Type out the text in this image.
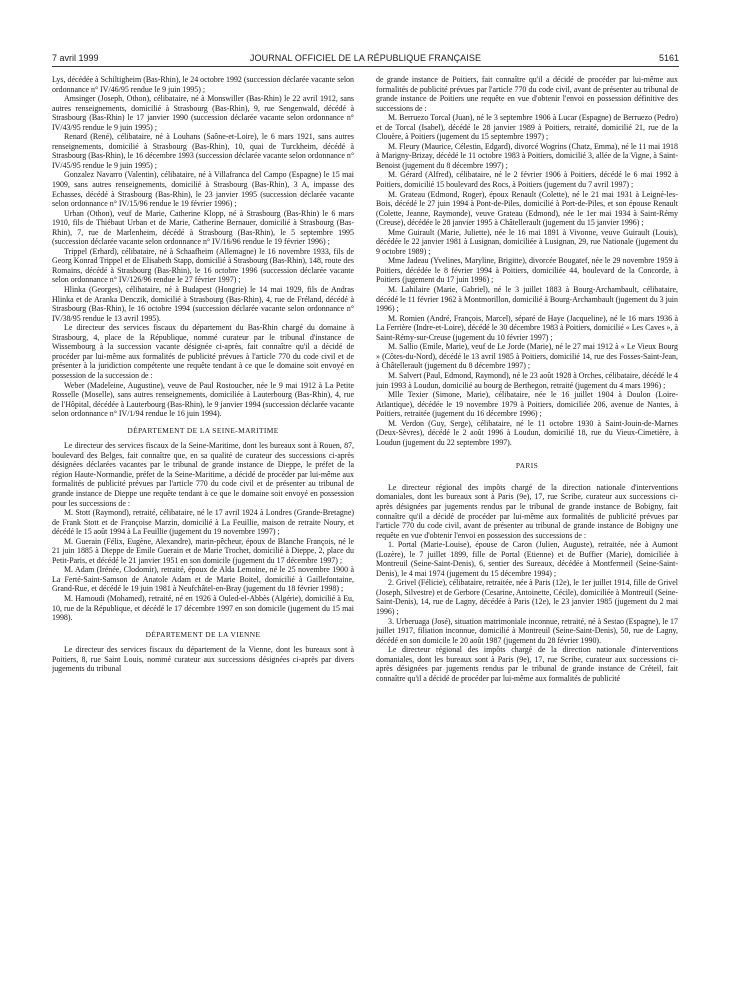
7 avril 1999	JOURNAL OFFICIEL DE LA RÉPUBLIQUE FRANÇAISE	5161

Lys, décédée à Schiltigheim (Bas-Rhin), le 24 octobre 1992 (succession déclarée vacante selon ordonnance n° IV/46/95 rendue le 9 juin 1995) ;

Amsinger (Joseph, Othon), célibataire, né à Monswiller (Bas-Rhin) le 22 avril 1912, sans autres renseignements, domicilié à Strasbourg (Bas-Rhin), 9, rue Sengenwald, décédé à Strasbourg (Bas-Rhin) le 17 janvier 1990 (succession déclarée vacante selon ordonnance n° IV/43/95 rendue le 9 juin 1995) ;

Renard (René), célibataire, né à Louhans (Saône-et-Loire), le 6 mars 1921, sans autres renseignements, domicilié à Strasbourg (Bas-Rhin), 10, quai de Turckheim, décédé à Strasbourg (Bas-Rhin), le 16 décembre 1993 (succession déclarée vacante selon ordonnance n° IV/45/95 rendue le 9 juin 1995) ;

Gonzalez Navarro (Valentin), célibataire, né à Villafranca del Campo (Espagne) le 15 mai 1909, sans autres renseignements, domicilié à Strasbourg (Bas-Rhin), 3 A, impasse des Echasses, décédé à Strasbourg (Bas-Rhin), le 23 janvier 1995 (succession déclarée vacante selon ordonnance n° IV/15/96 rendue le 19 février 1996) ;

Urban (Othon), veuf de Marie, Catherine Klopp, né à Strasbourg (Bas-Rhin) le 6 mars 1910, fils de Thiébaut Urban et de Marie, Catherine Bernauer, domicilié à Strasbourg (Bas-Rhin), 7, rue de Marlenheim, décédé à Strasbourg (Bas-Rhin), le 5 septembre 1995 (succession déclarée vacante selon ordonnance n° IV/16/96 rendue le 19 février 1996) ;

Trippel (Erhard), célibataire, né à Schaafheim (Allemagne) le 16 novembre 1933, fils de Georg Konrad Trippel et de Elisabeth Stapp, domicilié à Strasbourg (Bas-Rhin), 148, route des Romains, décédé à Strasbourg (Bas-Rhin), le 16 octobre 1996 (succession déclarée vacante selon ordonnance n° IV/126/96 rendue le 27 février 1997) ;

Hlinka (Georges), célibataire, né à Budapest (Hongrie) le 14 mai 1929, fils de Andras Hlinka et de Aranka Denczik, domicilié à Strasbourg (Bas-Rhin), 4, rue de Fréland, décédé à Strasbourg (Bas-Rhin), le 16 octobre 1994 (succession déclarée vacante selon ordonnance n° IV/38/95 rendue le 13 avril 1995).

Le directeur des services fiscaux du département du Bas-Rhin chargé du domaine à Strasbourg, 4, place de la République, nommé curateur par le tribunal d'instance de Wissembourg à la succession vacante désignée ci-après, fait connaître qu'il a décidé de procéder par lui-même aux formalités de publicité prévues à l'article 770 du code civil et de présenter à la juridiction compétente une requête tendant à ce que le domaine soit envoyé en possession de la succession de :

Weber (Madeleine, Augustine), veuve de Paul Rostoucher, née le 9 mai 1912 à La Petite Rosselle (Moselle), sans autres renseignements, domiciliée à Lauterbourg (Bas-Rhin), 4, rue de l'Hôpital, décédée à Lauterbourg (Bas-Rhin), le 9 janvier 1994 (succession déclarée vacante selon ordonnance n° IV/1/94 rendue le 16 juin 1994).

DÉPARTEMENT DE LA SEINE-MARITIME

Le directeur des services fiscaux de la Seine-Maritime, dont les bureaux sont à Rouen, 87, boulevard des Belges, fait connaître que, en sa qualité de curateur des successions ci-après désignées déclarées vacantes par le tribunal de grande instance de Dieppe, le préfet de la région Haute-Normandie, préfet de la Seine-Maritime, a décidé de procéder par lui-même aux formalités de publicité prévues par l'article 770 du code civil et de présenter au tribunal de grande instance de Dieppe une requête tendant à ce que le domaine soit envoyé en possession pour les successions de :

M. Stott (Raymond), retraité, célibataire, né le 17 avril 1924 à Londres (Grande-Bretagne) de Frank Stott et de Françoise Marzin, domicilié à La Feuillie, maison de retraite Noury, et décédé le 15 août 1994 à La Feuillie (jugement du 19 novembre 1997) ;

M. Guerain (Félix, Eugène, Alexandre), marin-pêcheur, époux de Blanche François, né le 21 juin 1885 à Dieppe de Emile Guerain et de Marie Trochet, domicilié à Dieppe, 2, place du Petit-Paris, et décédé le 21 janvier 1951 en son domicile (jugement du 17 décembre 1997) ;

M. Adam (Irénée, Clodomir), retraité, époux de Alda Lemoine, né le 25 novembre 1900 à La Ferté-Saint-Samson de Anatole Adam et de Marie Boitel, domicilié à Gaillefontaine, Grand-Rue, et décédé le 19 juin 1981 à Neufchâtel-en-Bray (jugement du 18 février 1998) ;

M. Hamoudi (Mohamed), retraité, né en 1926 à Ouled-el-Abbès (Algérie), domicilié à Eu, 10, rue de la République, et décédé le 17 décembre 1997 en son domicile (jugement du 15 mai 1998).

DÉPARTEMENT DE LA VIENNE

Le directeur des services fiscaux du département de la Vienne, dont les bureaux sont à Poitiers, 8, rue Saint Louis, nommé curateur aux successions désignées ci-après par divers jugements du tribunal

de grande instance de Poitiers, fait connaître qu'il a décidé de procéder par lui-même aux formalités de publicité prévues par l'article 770 du code civil, avant de présenter au tribunal de grande instance de Poitiers une requête en vue d'obtenir l'envoi en possession définitive des successions de :

M. Berruezo Torcal (Juan), né le 3 septembre 1906 à Lucar (Espagne) de Berruezo (Pedro) et de Torcal (Isabel), décédé le 28 janvier 1989 à Poitiers, retraité, domicilié 21, rue de la Clouère, à Poitiers (jugement du 15 septembre 1997) ;

M. Fleury (Maurice, Célestin, Edgard), divorcé Wogrins (Chatz, Emma), né le 11 mai 1918 à Marigny-Brizay, décédé le 11 octobre 1983 à Poitiers, domicilié 3, allée de la Vigne, à Saint-Benoist (jugement du 8 décembre 1997) ;

M. Gérard (Alfred), célibataire, né le 2 février 1906 à Poitiers, décédé le 6 mai 1992 à Poitiers, domicilié 15 boulevard des Rocs, à Poitiers (jugement du 7 avril 1997) ;

M. Grateau (Edmond, Roger), époux Renault (Colette), né le 21 mai 1931 à Leigné-les-Bois, décédé le 27 juin 1994 à Pont-de-Piles, domicilié à Port-de-Piles, et son épouse Renault (Colette, Jeanne, Raymonde), veuve Grateau (Edmond), née le 1er mai 1934 à Saint-Rémy (Creuse), décédée le 28 janvier 1995 à Châtellerault (jugement du 15 janvier 1996) ;

Mme Guirault (Marie, Juliette), née le 16 mai 1891 à Vivonne, veuve Guirault (Louis), décédée le 22 janvier 1981 à Lusignan, domiciliée à Lusignan, 29, rue Nationale (jugement du 9 octobre 1989) ;

Mme Jadeau (Yvelines, Maryline, Brigitte), divorcée Bougatef, née le 29 novembre 1959 à Poitiers, décédée le 8 février 1994 à Poitiers, domiciliée 44, boulevard de la Concorde, à Poitiers (jugement du 17 juin 1996) ;

M. Lahilaire (Marie, Gabriel), né le 3 juillet 1883 à Bourg-Archambault, célibataire, décédé le 11 février 1962 à Montmorillon, domicilié à Bourg-Archambault (jugement du 3 juin 1996) ;

M. Romien (André, François, Marcel), séparé de Haye (Jacqueline), né le 16 mars 1936 à La Ferrière (Indre-et-Loire), décédé le 30 décembre 1983 à Poitiers, domicilié « Les Caves », à Saint-Rémy-sur-Creuse (jugement du 10 février 1997) ;

M. Sallio (Emile, Marie), veuf de Le Jorde (Marie), né le 27 mai 1912 à « Le Vieux Bourg » (Côtes-du-Nord), décédé le 13 avril 1985 à Poitiers, domicilié 14, rue des Fosses-Saint-Jean, à Châtellerault (jugement du 8 décembre 1997) ;

M. Salvert (Paul, Edmond, Raymond), né le 23 août 1928 à Orches, célibataire, décédé le 4 juin 1993 à Loudun, domicilié au bourg de Berthegon, retraité (jugement du 4 mars 1996) ;

Mlle Texier (Simone, Marie), célibataire, née le 16 juillet 1904 à Doulon (Loire-Atlantique), décédée le 19 novembre 1979 à Poitiers, domiciliée 206, avenue de Nantes, à Poitiers, retraitée (jugement du 16 décembre 1996) ;

M. Verdon (Guy, Serge), célibataire, né le 11 octobre 1930 à Saint-Jouin-de-Marnes (Deux-Sèvres), décédé le 2 août 1996 à Loudun, domicilié 18, rue du Vieux-Cimetière, à Loudun (jugement du 22 septembre 1997).

PARIS

Le directeur régional des impôts chargé de la direction nationale d'interventions domaniales, dont les bureaux sont à Paris (9e), 17, rue Scribe, curateur aux successions ci-après désignées par jugements rendus par le tribunal de grande instance de Bobigny, fait connaître qu'il a décidé de procéder par lui-même aux formalités de publicité prévues par l'article 770 du code civil, avant de présenter au tribunal de grande instance de Bobigny une requête en vue d'obtenir l'envoi en possession des successions de :

1. Portal (Marie-Louise), épouse de Caron (Julien, Auguste), retraitée, née à Aumont (Lozère), le 7 juillet 1899, fille de Portal (Etienne) et de Buffier (Marie), domiciliée à Montreuil (Seine-Saint-Denis), 6, sentier des Sureaux, décédée à Montfermeil (Seine-Saint-Denis), le 4 mai 1974 (jugement du 15 décembre 1994) ;

2. Grivel (Félicie), célibataire, retraitée, née à Paris (12e), le 1er juillet 1914, fille de Grivel (Joseph, Silvestre) et de Gerbore (Cesarine, Antoinette, Cécile), domiciliée à Montreuil (Seine-Saint-Denis), 14, rue de Lagny, décédée à Paris (12e), le 23 janvier 1985 (jugement du 2 mai 1996) ;

3. Urberuaga (José), situation matrimoniale inconnue, retraité, né à Sestao (Espagne), le 17 juillet 1917, filiation inconnue, domicilié à Montreuil (Seine-Saint-Denis), 50, rue de Lagny, décédé en son domicile le 20 août 1987 (jugement du 28 février 1990).

Le directeur régional des impôts chargé de la direction nationale d'interventions domaniales, dont les bureaux sont à Paris (9e), 17, rue Scribe, curateur aux successions ci-après désignées par jugements rendus par le tribunal de grande instance de Créteil, fait connaître qu'il a décidé de procéder par lui-même aux formalités de publicité
